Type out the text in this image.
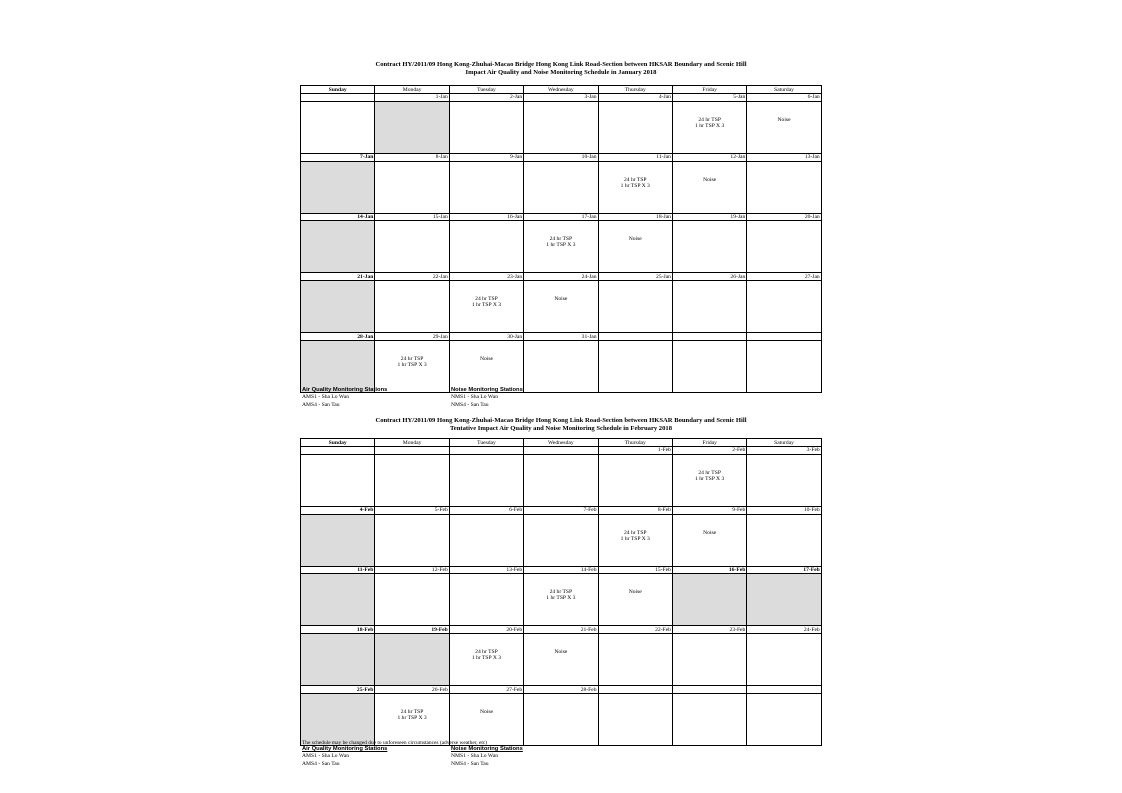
Contract HY/2011/09 Hong Kong-Zhuhai-Macao Bridge Hong Kong Link Road-Section between HKSAR Boundary and Scenic Hill
Impact Air Quality and Noise Monitoring Schedule in January 2018
Sunday	Monday	Tuesday	Wednesday	Thursday	Friday	Saturday
	1-Jan	2-Jan	3-Jan	4-Jan	5-Jan	6-Jan

					24 hr TSP
1 hr TSP X 3	Noise

7-Jan	8-Jan	9-Jan	10-Jan	11-Jan	12-Jan	13-Jan

				24 hr TSP
1 hr TSP X 3	Noise	

14-Jan	15-Jan	16-Jan	17-Jan	18-Jan	19-Jan	20-Jan

			24 hr TSP
1 hr TSP X 3	Noise		

21-Jan	22-Jan	23-Jan	24-Jan	25-Jan	26-Jan	27-Jan

		24 hr TSP
1 hr TSP X 3	Noise			

28-Jan	29-Jan	30-Jan	31-Jan			

	24 hr TSP
1 hr TSP X 3	Noise				

Air Quality Monitoring Stations
AMS1 - Sha Lo Wan
AMS4 - San Tau
Noise Monitoring Stations
NMS1 - Sha Lo Wan
NMS4 - San Tau
Contract HY/2011/09 Hong Kong-Zhuhai-Macao Bridge Hong Kong Link Road-Section between HKSAR Boundary and Scenic Hill
Tentative Impact Air Quality and Noise Monitoring Schedule in February 2018
Sunday	Monday	Tuesday	Wednesday	Thursday	Friday	Saturday
				1-Feb	2-Feb	3-Feb

					24 hr TSP
1 hr TSP X 3	

4-Feb	5-Feb	6-Feb	7-Feb	8-Feb	9-Feb	10-Feb

				24 hr TSP
1 hr TSP X 3	Noise	

11-Feb	12-Feb	13-Feb	14-Feb	15-Feb	16-Feb	17-Feb

			24 hr TSP
1 hr TSP X 3	Noise		

18-Feb	19-Feb	20-Feb	21-Feb	22-Feb	23-Feb	24-Feb

		24 hr TSP
1 hr TSP X 3	Noise			

25-Feb	26-Feb	27-Feb	28-Feb			

	24 hr TSP
1 hr TSP X 3	Noise				

The schedule may be changed due to unforeseen circumstances (adverse weather, etc)
Air Quality Monitoring Stations
AMS1 - Sha Lo Wan
AMS4 - San Tau
Noise Monitoring Stations
NMS1 - Sha Lo Wan
NMS4 - San Tau
